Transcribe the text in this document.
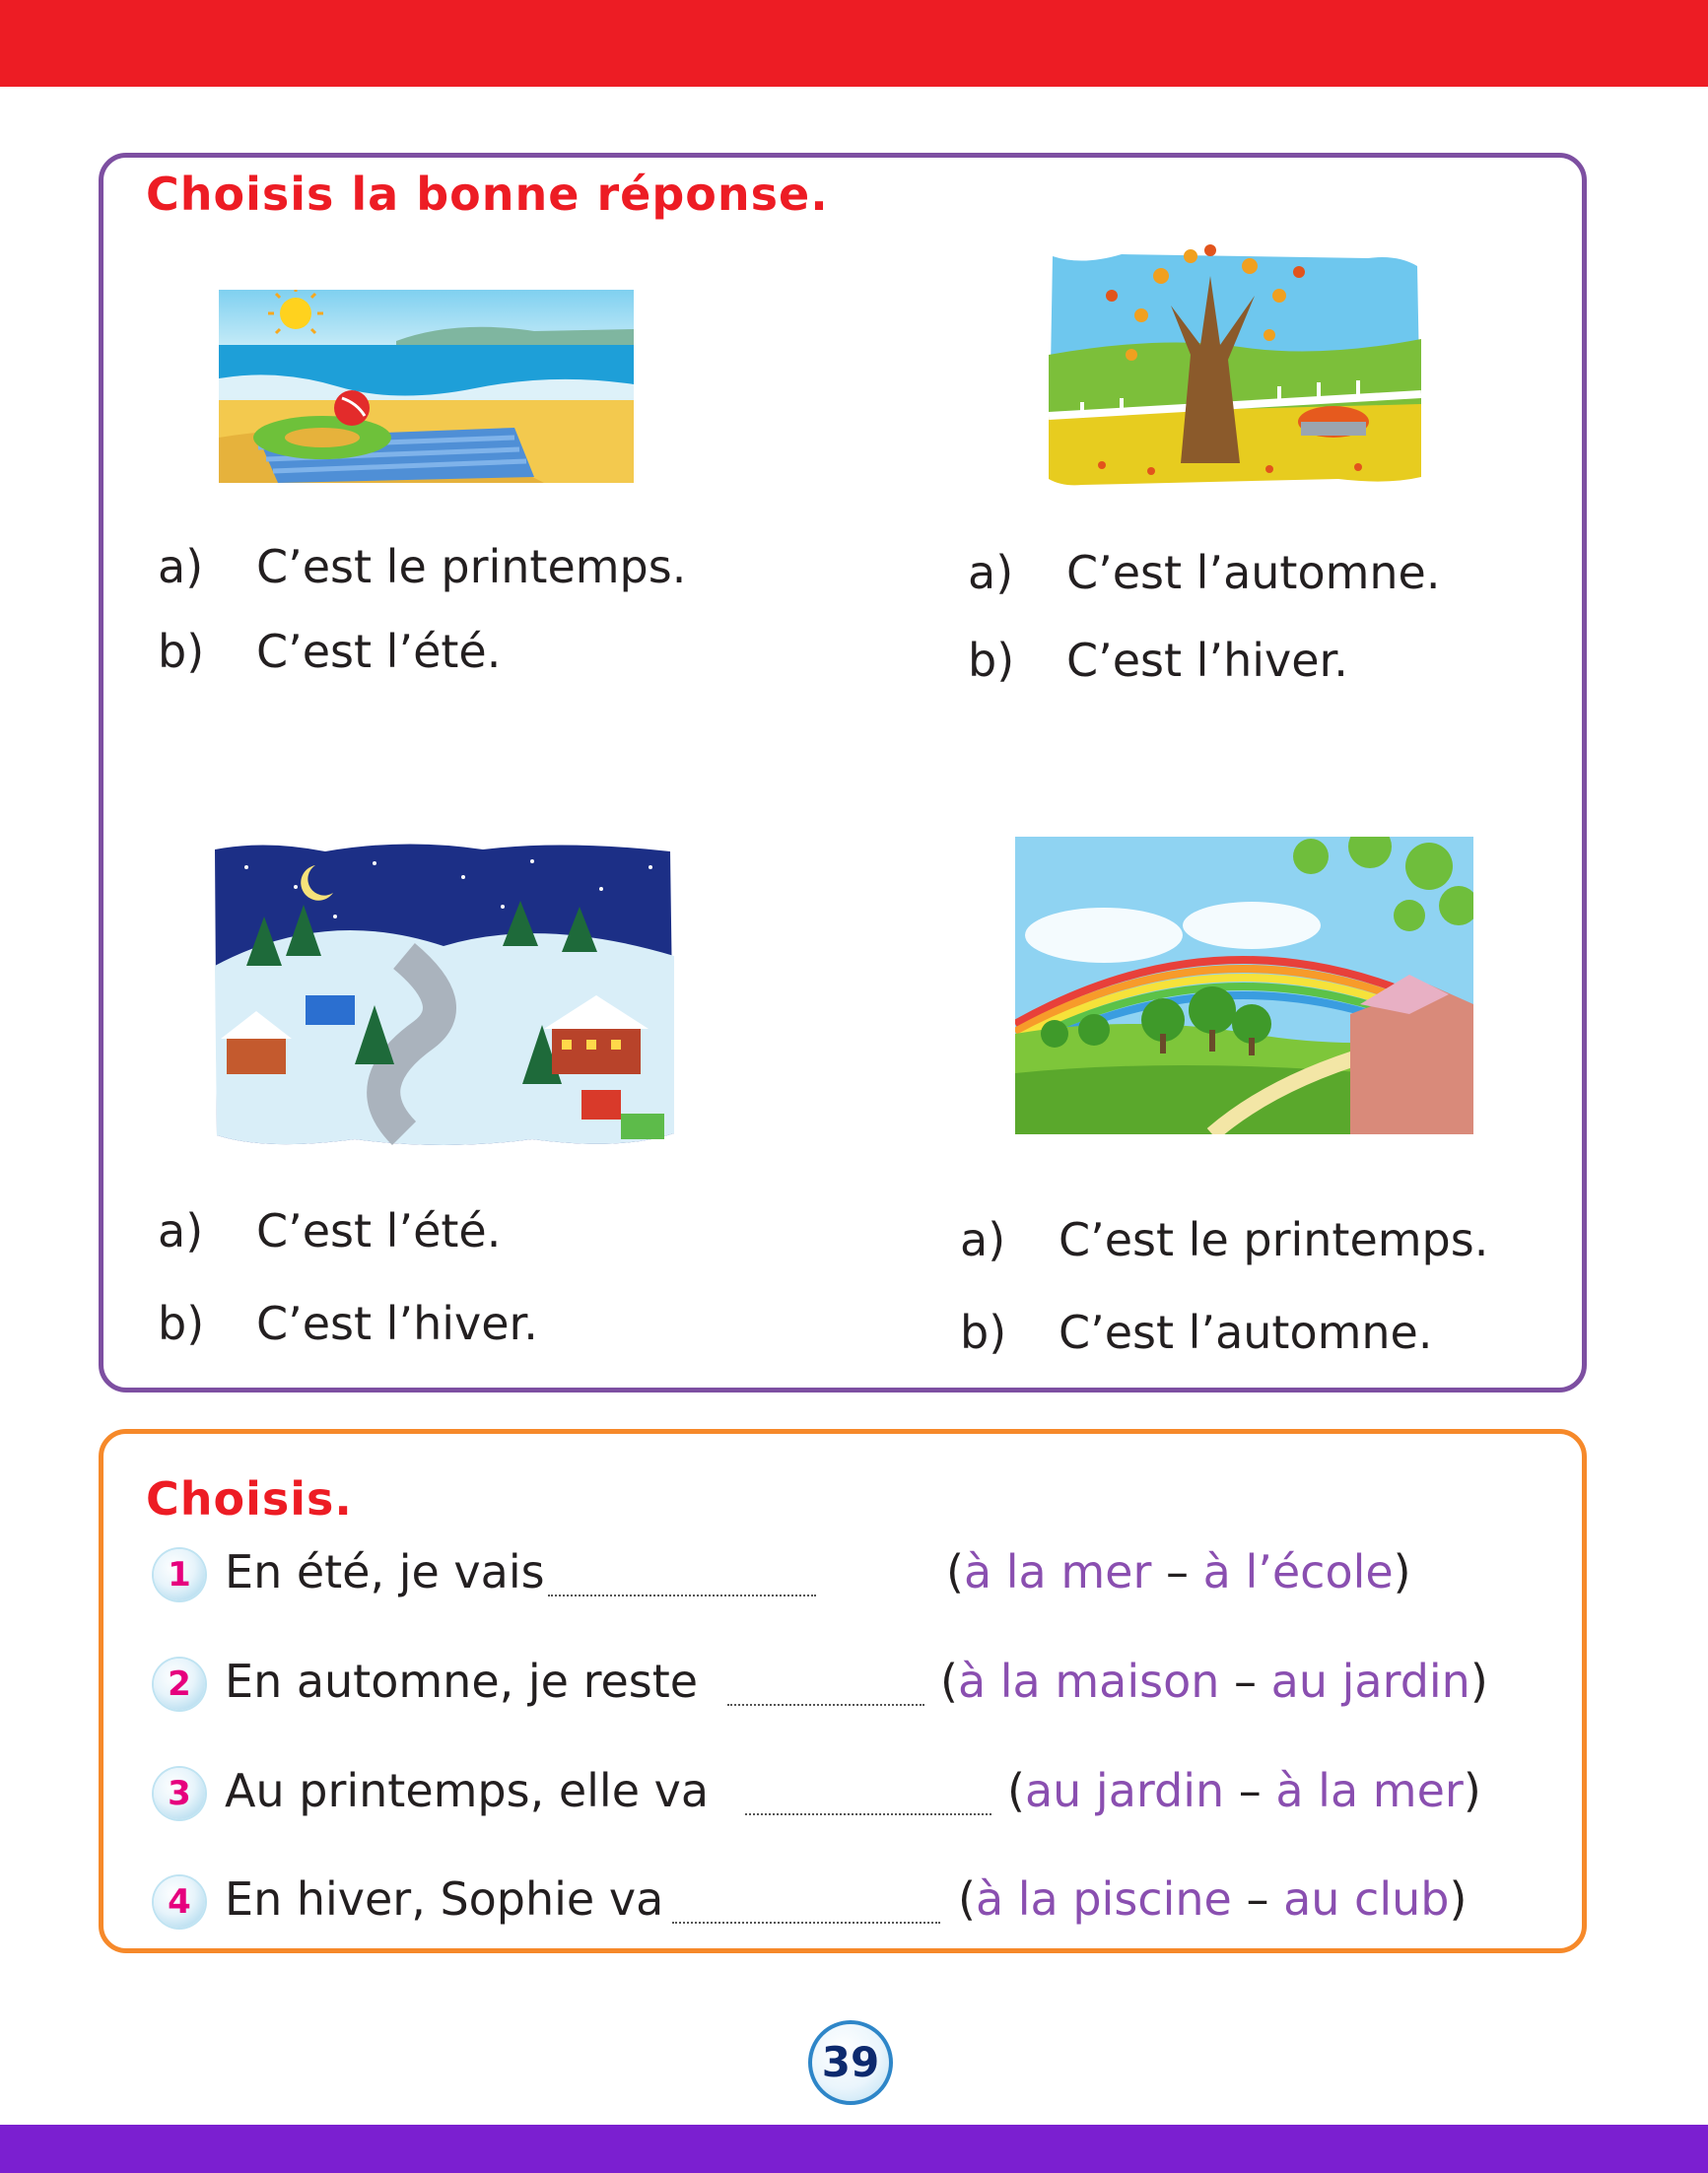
Choisis la bonne réponse.
a) C’est le printemps.
b) C’est l’été.
a) C’est l’automne.
b) C’est l’hiver.
a) C’est l’été.
b) C’est l’hiver.
a) C’est le printemps.
b) C’est l’automne.
Choisis.
1 En été, je vais	(à la mer – à l’école)
2 En automne, je reste	(à la maison – au jardin)
3 Au printemps, elle va	(au jardin – à la mer)
4 En hiver, Sophie va	(à la piscine – au club)
39
